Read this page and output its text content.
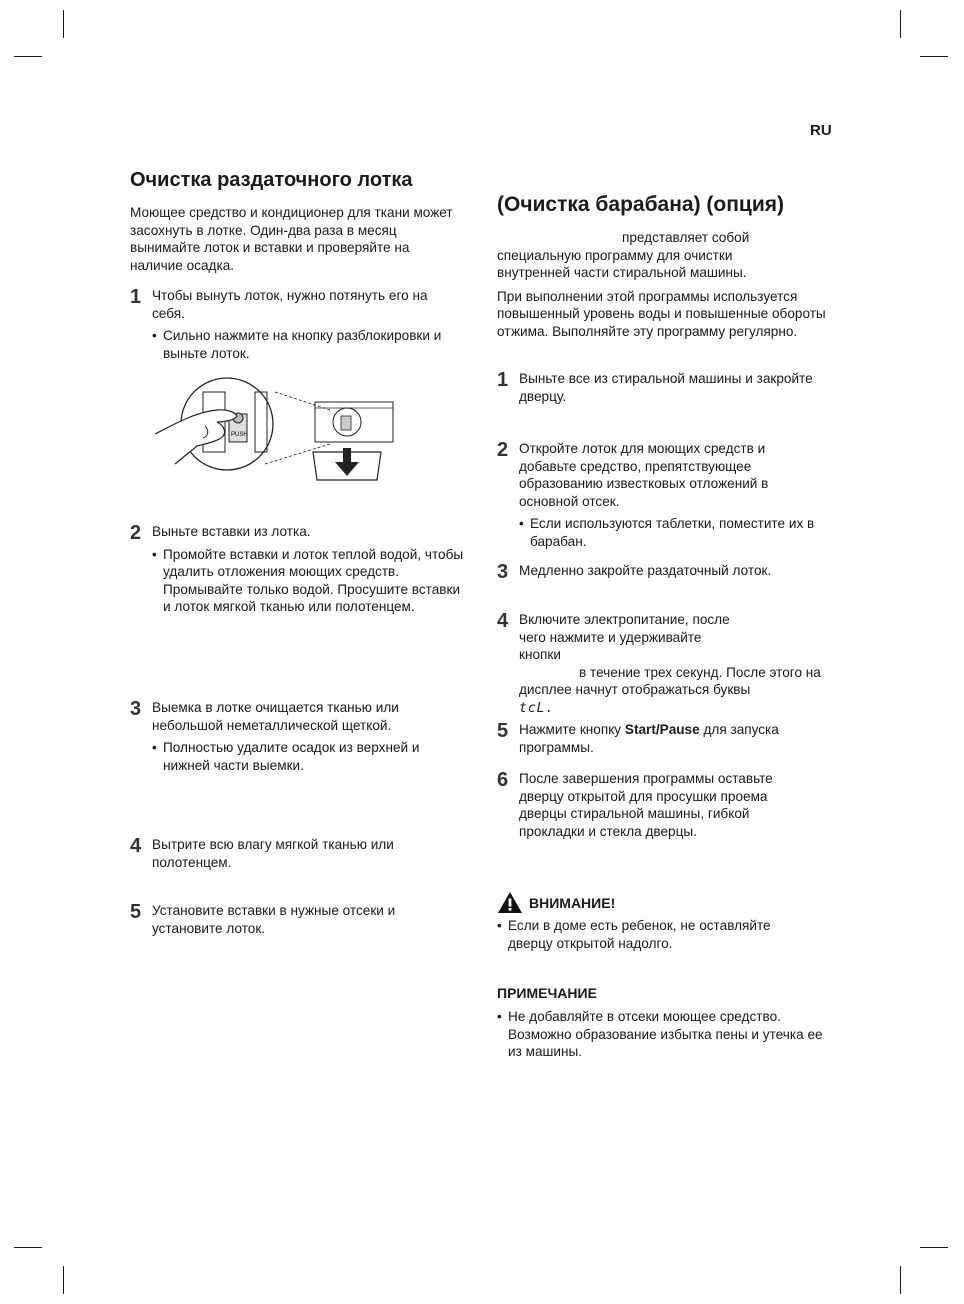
RU
Очистка раздаточного лотка

Моющее средство и кондиционер для ткани может засохнуть в лотке. Один-два раза в месяц вынимайте лоток и вставки и проверяйте на наличие осадка.

1 Чтобы вынуть лоток, нужно потянуть его на себя.

• Сильно нажмите на кнопку разблокировки и выньте лоток.

PUSH
2 Выньте вставки из лотка.

• Промойте вставки и лоток теплой водой, чтобы удалить отложения моющих средств. Промывайте только водой. Просушите вставки и лоток мягкой тканью или полотенцем.

3 Выемка в лотке очищается тканью или небольшой неметаллической щеткой.

• Полностью удалите осадок из верхней и нижней части выемки.

4 Вытрите всю влагу мягкой тканью или полотенцем.

5 Установите вставки в нужные отсеки и установите лоток.

(Очистка барабана) (опция)

представляет собой специальную программу для очистки внутренней части стиральной машины.

При выполнении этой программы используется повышенный уровень воды и повышенные обороты отжима. Выполняйте эту программу регулярно.

1 Выньте все из стиральной машины и закройте дверцу.

2 Откройте лоток для моющих средств и добавьте средство, препятствующее образованию известковых отложений в основной отсек.

• Если используются таблетки, поместите их в барабан.

3 Медленно закройте раздаточный лоток.

4 Включите электропитание, после чего нажмите и удерживайте кнопки

в течение трех секунд. После этого на дисплее начнут отображаться буквы

tcL.

5 Нажмите кнопку Start/Pause для запуска программы.

6 После завершения программы оставьте дверцу открытой для просушки проема дверцы стиральной машины, гибкой прокладки и стекла дверцы.

ВНИМАНИЕ!

• Если в доме есть ребенок, не оставляйте дверцу открытой надолго.

ПРИМЕЧАНИЕ

• Не добавляйте в отсеки моющее средство. Возможно образование избытка пены и утечка ее из машины.
